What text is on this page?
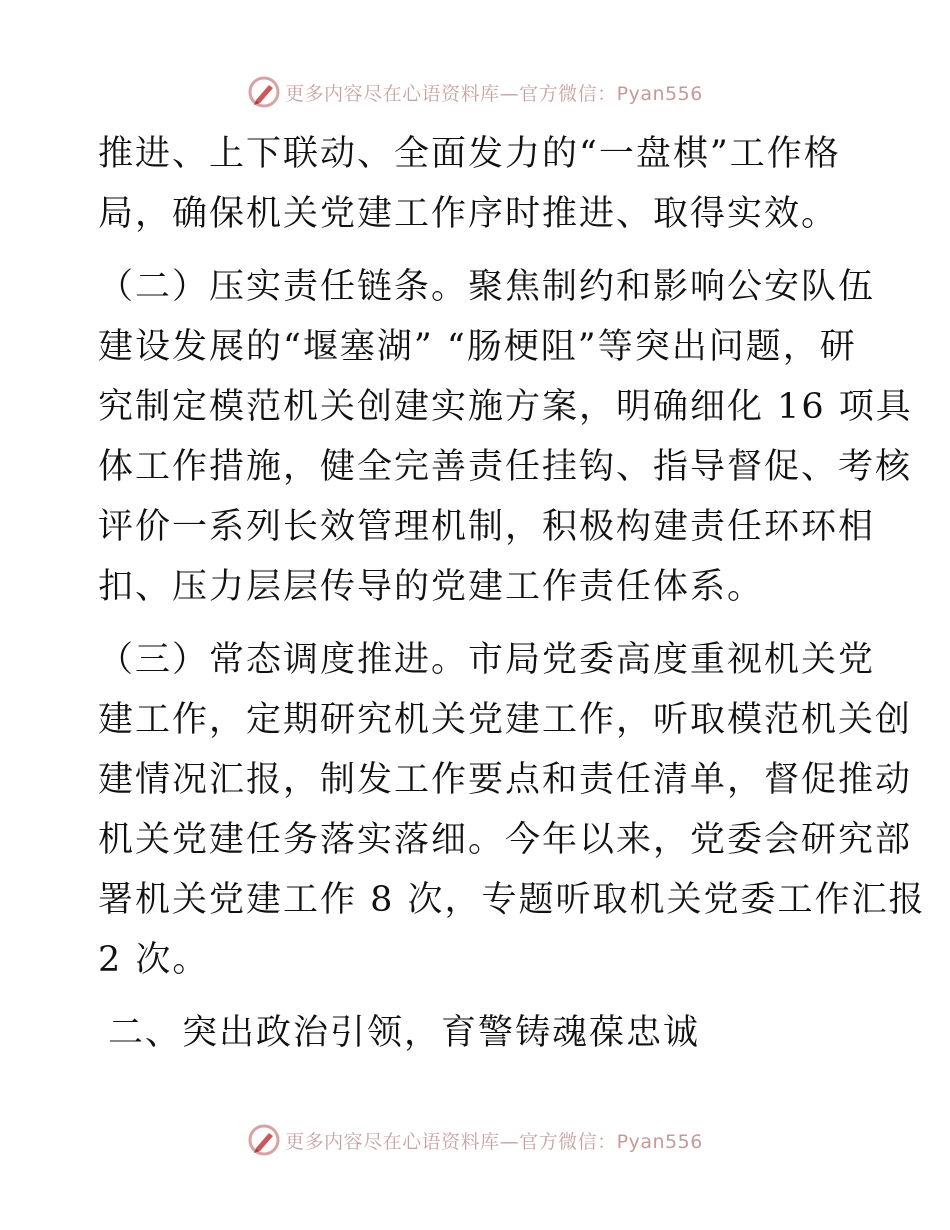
更多内容尽在心语资料库—官方微信：Pyan556

推进、上下联动、全面发力的“一盘棋”工作格
局，确保机关党建工作序时推进、取得实效。

（二）压实责任链条。聚焦制约和影响公安队伍
建设发展的“堰塞湖” “肠梗阻”等突出问题，研
究制定模范机关创建实施方案，明确细化 16 项具
体工作措施，健全完善责任挂钩、指导督促、考核
评价一系列长效管理机制，积极构建责任环环相
扣、压力层层传导的党建工作责任体系。

（三）常态调度推进。市局党委高度重视机关党
建工作，定期研究机关党建工作，听取模范机关创
建情况汇报，制发工作要点和责任清单，督促推动
机关党建任务落实落细。今年以来，党委会研究部
署机关党建工作 8 次，专题听取机关党委工作汇报
2 次。

二、突出政治引领，育警铸魂葆忠诚
更多内容尽在心语资料库—官方微信：Pyan556
